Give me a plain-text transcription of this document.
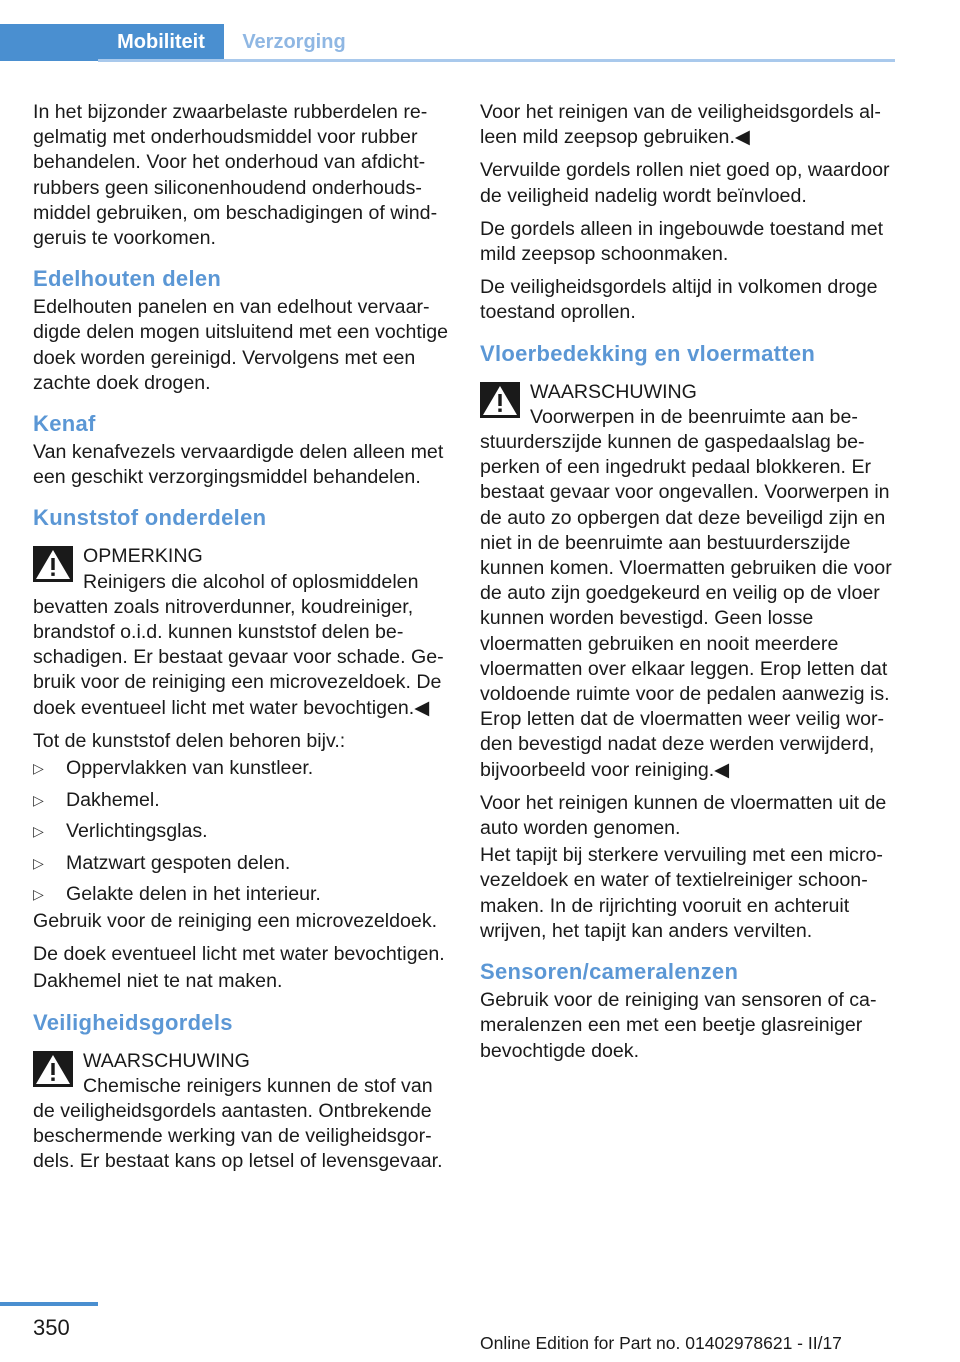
Mobiliteit	Verzorging

In het bijzonder zwaarbelaste rubberdelen regelmatig met onderhoudsmiddel voor rubber behandelen. Voor het onderhoud van afdichtrubbers geen siliconenhoudend onderhoudsmiddel gebruiken, om beschadigingen of windgeruis te voorkomen.

Edelhouten delen

Edelhouten panelen en van edelhout vervaardigde delen mogen uitsluitend met een vochtige doek worden gereinigd. Vervolgens met een zachte doek drogen.

Kenaf

Van kenafvezels vervaardigde delen alleen met een geschikt verzorgingsmiddel behandelen.

Kunststof onderdelen
OPMERKING

Reinigers die alcohol of oplosmiddelen bevatten zoals nitroverdunner, koudreiniger, brandstof o.i.d. kunnen kunststof delen beschadigen. Er bestaat gevaar voor schade. Gebruik voor de reiniging een microvezeldoek. De doek eventueel licht met water bevochtigen.◀

Tot de kunststof delen behoren bijv.:

▷ Oppervlakken van kunstleer.
▷ Dakhemel.
▷ Verlichtingsglas.
▷ Matzwart gespoten delen.
▷ Gelakte delen in het interieur.

Gebruik voor de reiniging een microvezeldoek.

De doek eventueel licht met water bevochtigen.

Dakhemel niet te nat maken.

Veiligheidsgordels
WAARSCHUWING

Chemische reinigers kunnen de stof van de veiligheidsgordels aantasten. Ontbrekende beschermende werking van de veiligheidsgordels. Er bestaat kans op letsel of levensgevaar.

Voor het reinigen van de veiligheidsgordels alleen mild zeepsop gebruiken.◀

Vervuilde gordels rollen niet goed op, waardoor de veiligheid nadelig wordt beïnvloed.

De gordels alleen in ingebouwde toestand met mild zeepsop schoonmaken.

De veiligheidsgordels altijd in volkomen droge toestand oprollen.

Vloerbedekking en vloermatten
WAARSCHUWING

Voorwerpen in de beenruimte aan bestuurderszijde kunnen de gaspedaalslag beperken of een ingedrukt pedaal blokkeren. Er bestaat gevaar voor ongevallen. Voorwerpen in de auto zo opbergen dat deze beveiligd zijn en niet in de beenruimte aan bestuurderszijde kunnen komen. Vloermatten gebruiken die voor de auto zijn goedgekeurd en veilig op de vloer kunnen worden bevestigd. Geen losse vloermatten gebruiken en nooit meerdere vloermatten over elkaar leggen. Erop letten dat voldoende ruimte voor de pedalen aanwezig is. Erop letten dat de vloermatten weer veilig worden bevestigd nadat deze werden verwijderd, bijvoorbeeld voor reiniging.◀

Voor het reinigen kunnen de vloermatten uit de auto worden genomen.

Het tapijt bij sterkere vervuiling met een microvezeldoek en water of textielreiniger schoonmaken. In de rijrichting vooruit en achteruit wrijven, het tapijt kan anders vervilten.

Sensoren/cameralenzen

Gebruik voor de reiniging van sensoren of cameralenzen een met een beetje glasreiniger bevochtigde doek.

350
Online Edition for Part no. 01402978621 - II/17
